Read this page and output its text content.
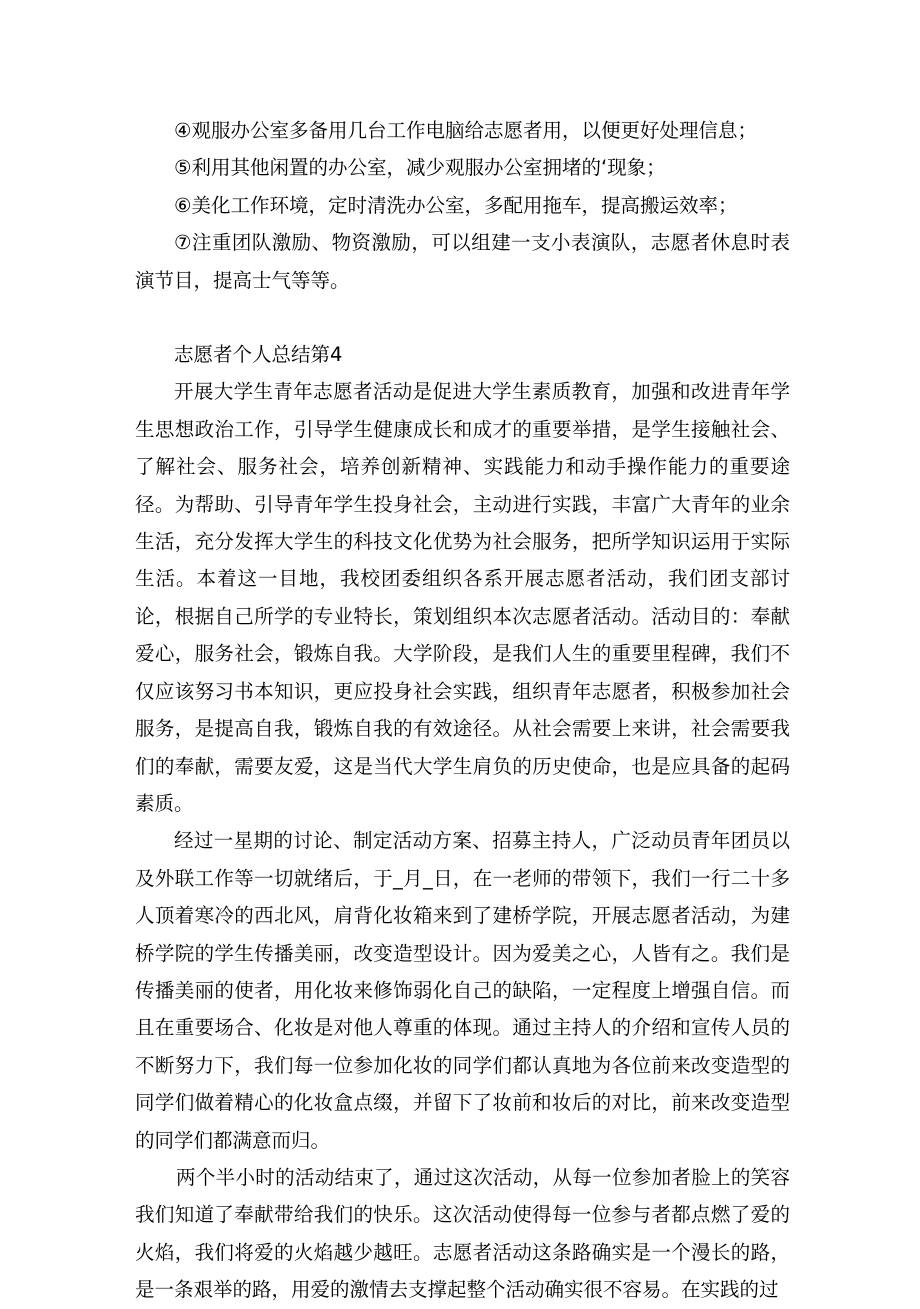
④观服办公室多备用几台工作电脑给志愿者用，以便更好处理信息；

⑤利用其他闲置的办公室，减少观服办公室拥堵的‘现象；

⑥美化工作环境，定时清洗办公室，多配用拖车，提高搬运效率；

⑦注重团队激励、物资激励，可以组建一支小表演队，志愿者休息时表演节目，提高士气等等。

志愿者个人总结第4

开展大学生青年志愿者活动是促进大学生素质教育，加强和改进青年学生思想政治工作，引导学生健康成长和成才的重要举措，是学生接触社会、了解社会、服务社会，培养创新精神、实践能力和动手操作能力的重要途径。为帮助、引导青年学生投身社会，主动进行实践，丰富广大青年的业余生活，充分发挥大学生的科技文化优势为社会服务，把所学知识运用于实际生活。本着这一目地，我校团委组织各系开展志愿者活动，我们团支部讨论，根据自己所学的专业特长，策划组织本次志愿者活动。活动目的：奉献爱心，服务社会，锻炼自我。大学阶段，是我们人生的重要里程碑，我们不仅应该努习书本知识，更应投身社会实践，组织青年志愿者，积极参加社会服务，是提高自我，锻炼自我的有效途径。从社会需要上来讲，社会需要我们的奉献，需要友爱，这是当代大学生肩负的历史使命，也是应具备的起码素质。

经过一星期的讨论、制定活动方案、招募主持人，广泛动员青年团员以及外联工作等一切就绪后，于_月_日，在一老师的带领下，我们一行二十多人顶着寒冷的西北风，肩背化妆箱来到了建桥学院，开展志愿者活动，为建桥学院的学生传播美丽，改变造型设计。因为爱美之心，人皆有之。我们是传播美丽的使者，用化妆来修饰弱化自己的缺陷，一定程度上增强自信。而且在重要场合、化妆是对他人尊重的体现。通过主持人的介绍和宣传人员的不断努力下，我们每一位参加化妆的同学们都认真地为各位前来改变造型的同学们做着精心的化妆盒点缀，并留下了妆前和妆后的对比，前来改变造型的同学们都满意而归。

两个半小时的活动结束了，通过这次活动，从每一位参加者脸上的笑容我们知道了奉献带给我们的快乐。这次活动使得每一位参与者都点燃了爱的火焰，我们将爱的火焰越少越旺。志愿者活动这条路确实是一个漫长的路，是一条艰举的路，用爱的激情去支撑起整个活动确实很不容易。在实践的过
